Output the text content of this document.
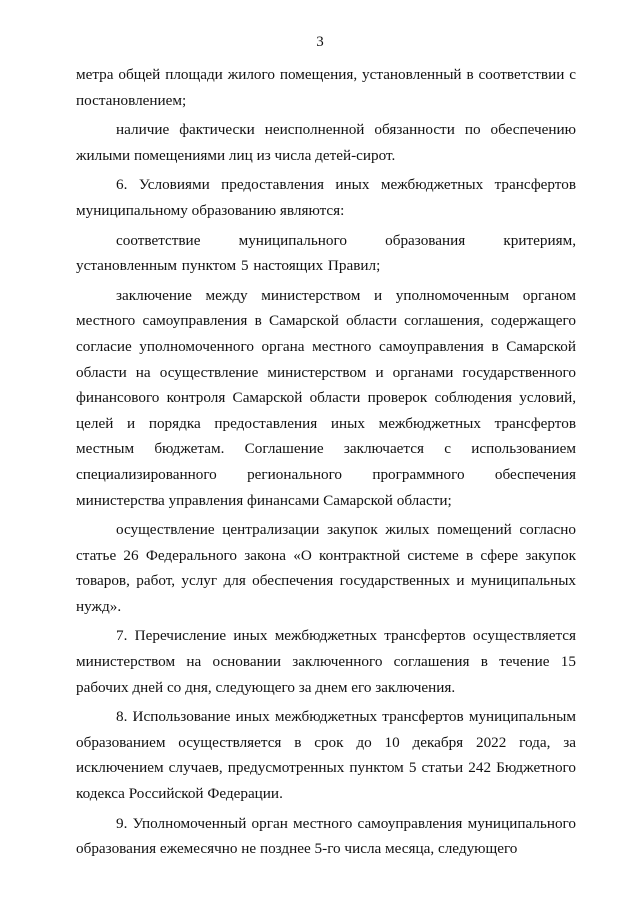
3

метра общей площади жилого помещения, установленный в соответствии с постановлением;

наличие фактически неисполненной обязанности по обеспечению жилыми помещениями лиц из числа детей-сирот.

6. Условиями предоставления иных межбюджетных трансфертов муниципальному образованию являются:

соответствие муниципального образования критериям, установленным пунктом 5 настоящих Правил;

заключение между министерством и уполномоченным органом местного самоуправления в Самарской области соглашения, содержащего согласие уполномоченного органа местного самоуправления в Самарской области на осуществление министерством и органами государственного финансового контроля Самарской области проверок соблюдения условий, целей и порядка предоставления иных межбюджетных трансфертов местным бюджетам. Соглашение заключается с использованием специализированного регионального программного обеспечения министерства управления финансами Самарской области;

осуществление централизации закупок жилых помещений согласно статье 26 Федерального закона «О контрактной системе в сфере закупок товаров, работ, услуг для обеспечения государственных и муниципальных нужд».

7. Перечисление иных межбюджетных трансфертов осуществляется министерством на основании заключенного соглашения в течение 15 рабочих дней со дня, следующего за днем его заключения.

8. Использование иных межбюджетных трансфертов муниципальным образованием осуществляется в срок до 10 декабря 2022 года, за исключением случаев, предусмотренных пунктом 5 статьи 242 Бюджетного кодекса Российской Федерации.

9. Уполномоченный орган местного самоуправления муниципального образования ежемесячно не позднее 5-го числа месяца, следующего
